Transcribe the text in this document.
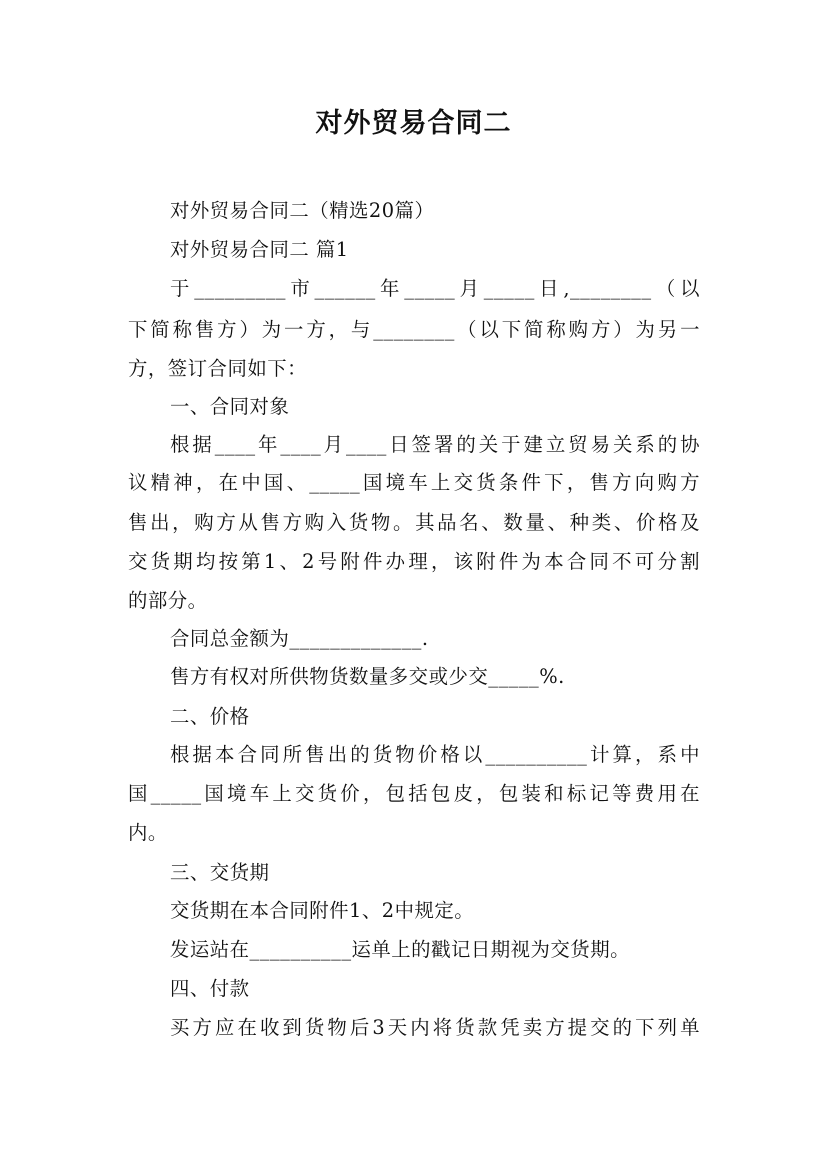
对外贸易合同二
对外贸易合同二（精选20篇）
对外贸易合同二 篇1
于_________市______年_____月_____日,________（以
下简称售方）为一方，与________（以下简称购方）为另一
方，签订合同如下：
一、合同对象
根据____年____月____日签署的关于建立贸易关系的协
议精神，在中国、_____国境车上交货条件下，售方向购方
售出，购方从售方购入货物。其品名、数量、种类、价格及
交货期均按第1、2号附件办理，该附件为本合同不可分割
的部分。
合同总金额为_____________.
售方有权对所供物货数量多交或少交_____%.
二、价格
根据本合同所售出的货物价格以__________计算，系中
国_____国境车上交货价，包括包皮，包装和标记等费用在
内。
三、交货期
交货期在本合同附件1、2中规定。
发运站在__________运单上的戳记日期视为交货期。
四、付款
买方应在收到货物后3天内将货款凭卖方提交的下列单
